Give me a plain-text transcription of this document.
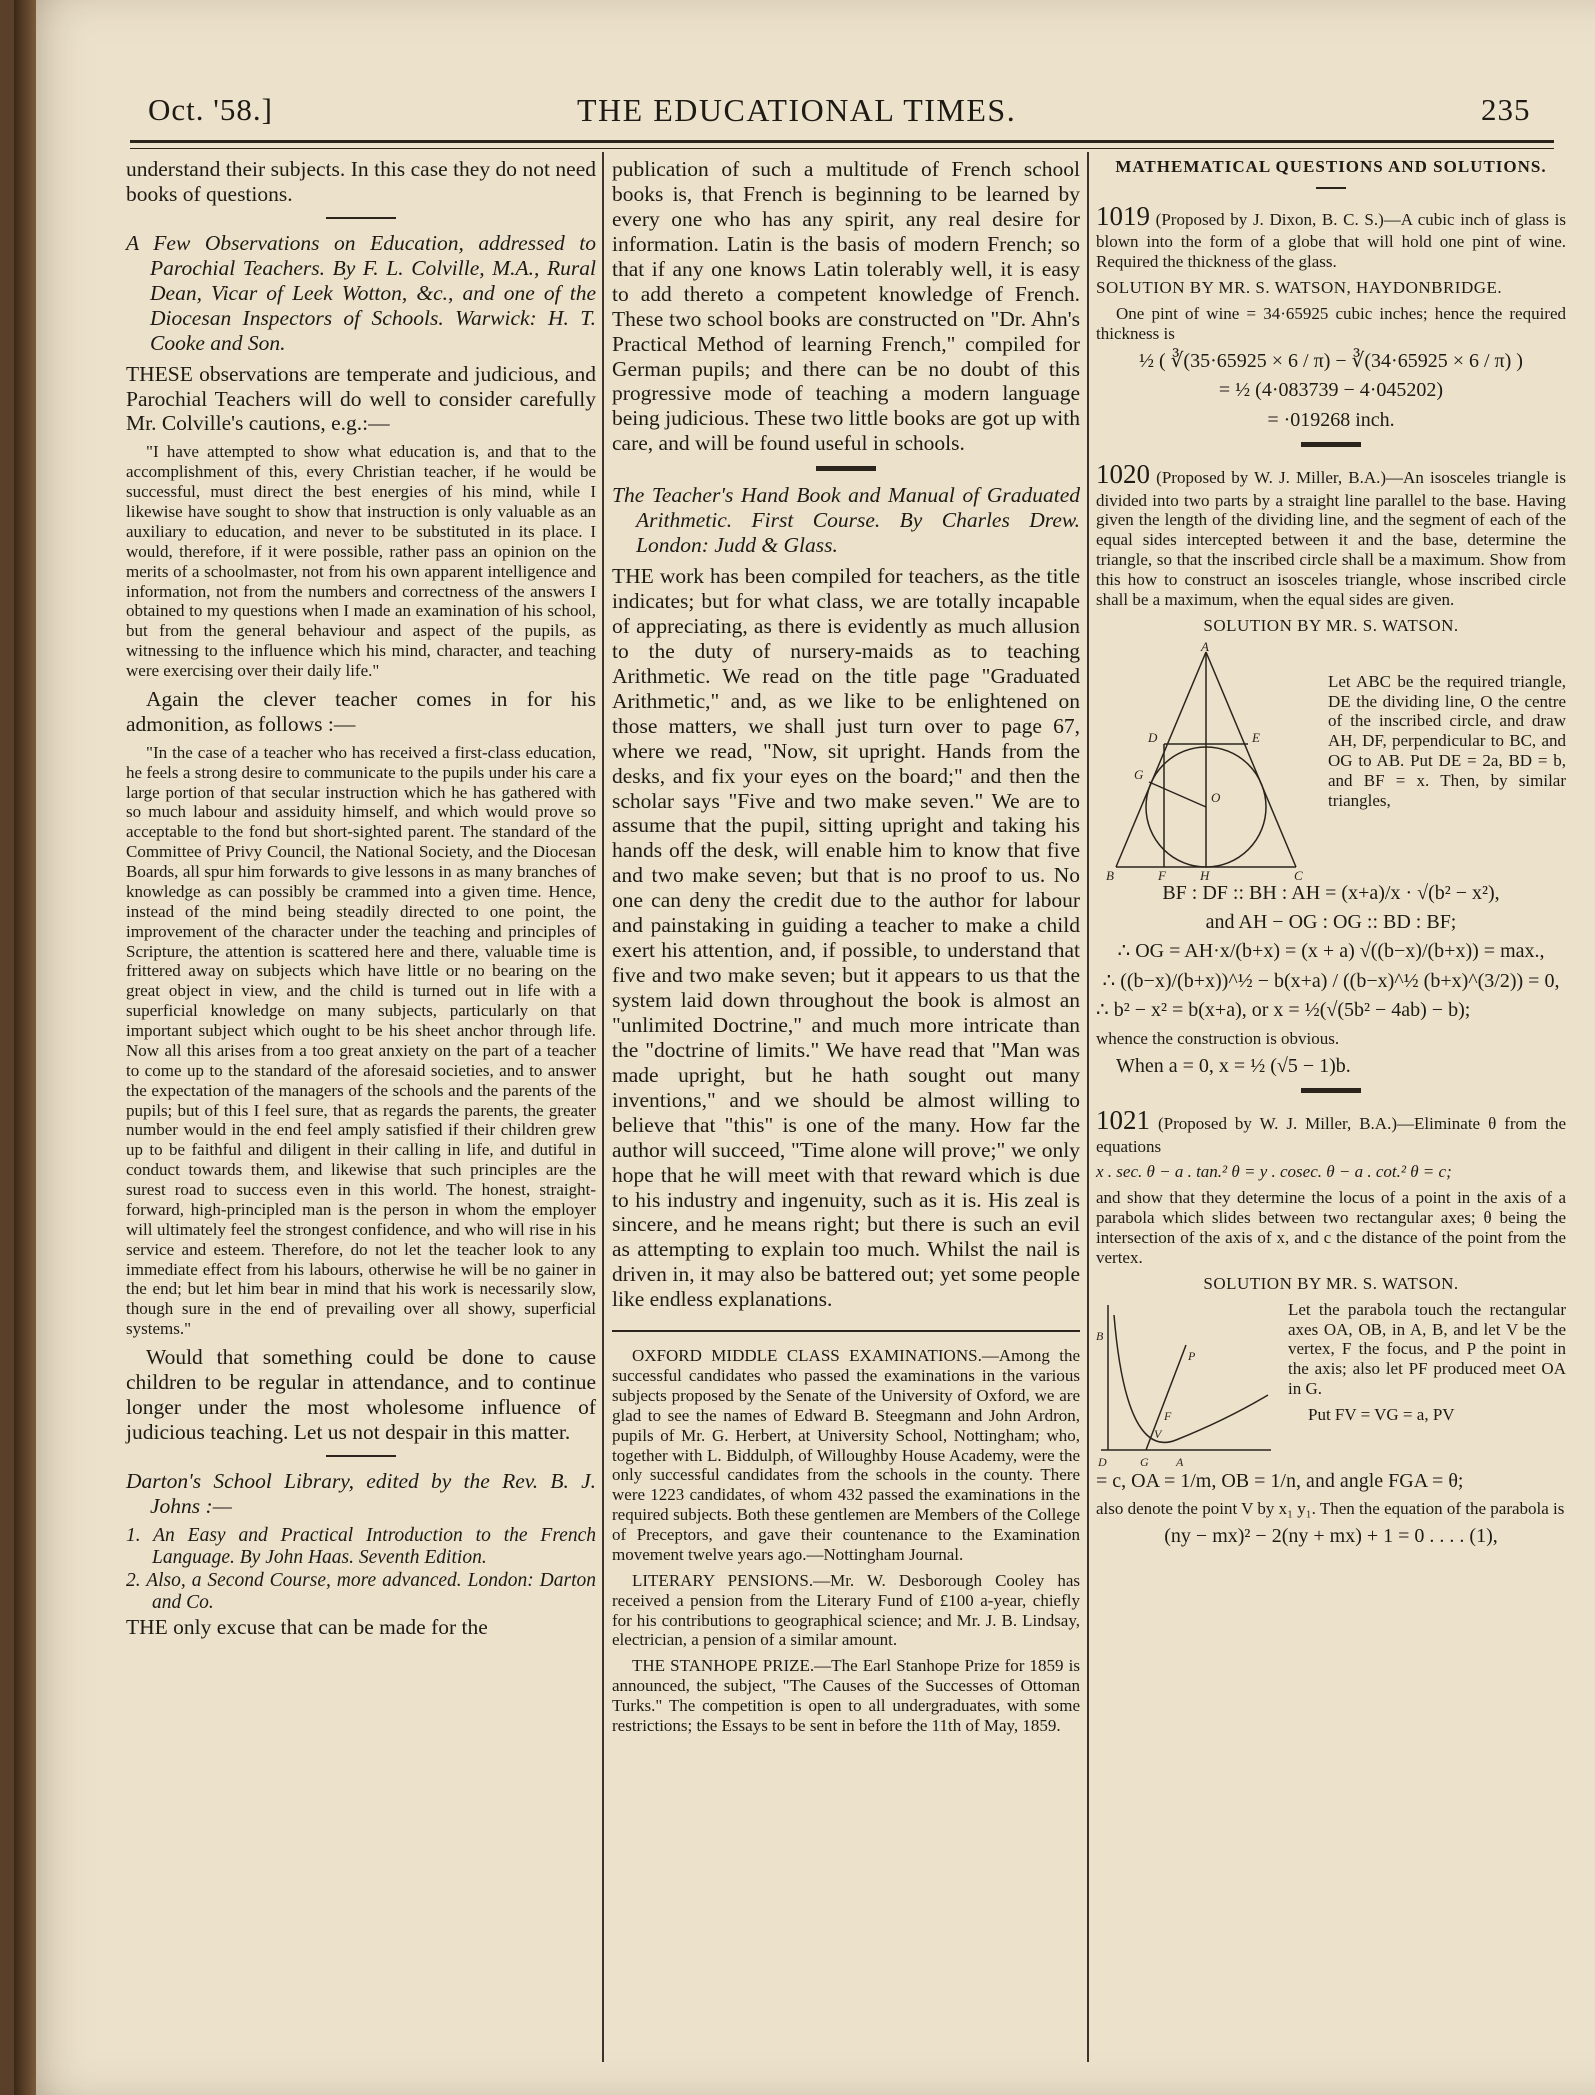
Oct. '58.]	THE EDUCATIONAL TIMES.	235

understand their subjects. In this case they do not need books of questions.

A Few Observations on Education, addressed to Parochial Teachers. By F. L. Colville, M.A., Rural Dean, Vicar of Leek Wotton, &c., and one of the Diocesan Inspectors of Schools. Warwick: H. T. Cooke and Son.

THESE observations are temperate and judicious, and Parochial Teachers will do well to consider carefully Mr. Colville's cautions, e.g.:—

"I have attempted to show what education is, and that to the accomplishment of this, every Christian teacher, if he would be successful, must direct the best energies of his mind, while I likewise have sought to show that instruction is only valuable as an auxiliary to education, and never to be substituted in its place. I would, therefore, if it were possible, rather pass an opinion on the merits of a schoolmaster, not from his own apparent intelligence and information, not from the numbers and correctness of the answers I obtained to my questions when I made an examination of his school, but from the general behaviour and aspect of the pupils, as witnessing to the influence which his mind, character, and teaching were exercising over their daily life."

Again the clever teacher comes in for his admonition, as follows :—

"In the case of a teacher who has received a first-class education, he feels a strong desire to communicate to the pupils under his care a large portion of that secular instruction which he has gathered with so much labour and assiduity himself, and which would prove so acceptable to the fond but short-sighted parent. The standard of the Committee of Privy Council, the National Society, and the Diocesan Boards, all spur him forwards to give lessons in as many branches of knowledge as can possibly be crammed into a given time. Hence, instead of the mind being steadily directed to one point, the improvement of the character under the teaching and principles of Scripture, the attention is scattered here and there, valuable time is frittered away on subjects which have little or no bearing on the great object in view, and the child is turned out in life with a superficial knowledge on many subjects, particularly on that important subject which ought to be his sheet anchor through life. Now all this arises from a too great anxiety on the part of a teacher to come up to the standard of the aforesaid societies, and to answer the expectation of the managers of the schools and the parents of the pupils; but of this I feel sure, that as regards the parents, the greater number would in the end feel amply satisfied if their children grew up to be faithful and diligent in their calling in life, and dutiful in conduct towards them, and likewise that such principles are the surest road to success even in this world. The honest, straight-forward, high-principled man is the person in whom the employer will ultimately feel the strongest confidence, and who will rise in his service and esteem. Therefore, do not let the teacher look to any immediate effect from his labours, otherwise he will be no gainer in the end; but let him bear in mind that his work is necessarily slow, though sure in the end of prevailing over all showy, superficial systems."

Would that something could be done to cause children to be regular in attendance, and to continue longer under the most wholesome influence of judicious teaching. Let us not despair in this matter.

Darton's School Library, edited by the Rev. B. J. Johns :—

1. An Easy and Practical Introduction to the French Language. By John Haas. Seventh Edition.
2. Also, a Second Course, more advanced. London: Darton and Co.

THE only excuse that can be made for the

publication of such a multitude of French school books is, that French is beginning to be learned by every one who has any spirit, any real desire for information. Latin is the basis of modern French; so that if any one knows Latin tolerably well, it is easy to add thereto a competent knowledge of French. These two school books are constructed on "Dr. Ahn's Practical Method of learning French," compiled for German pupils; and there can be no doubt of this progressive mode of teaching a modern language being judicious. These two little books are got up with care, and will be found useful in schools.

The Teacher's Hand Book and Manual of Graduated Arithmetic. First Course. By Charles Drew. London: Judd & Glass.

THE work has been compiled for teachers, as the title indicates; but for what class, we are totally incapable of appreciating, as there is evidently as much allusion to the duty of nursery-maids as to teaching Arithmetic. We read on the title page "Graduated Arithmetic," and, as we like to be enlightened on those matters, we shall just turn over to page 67, where we read, "Now, sit upright. Hands from the desks, and fix your eyes on the board;" and then the scholar says "Five and two make seven." We are to assume that the pupil, sitting upright and taking his hands off the desk, will enable him to know that five and two make seven; but that is no proof to us. No one can deny the credit due to the author for labour and painstaking in guiding a teacher to make a child exert his attention, and, if possible, to understand that five and two make seven; but it appears to us that the system laid down throughout the book is almost an "unlimited Doctrine," and much more intricate than the "doctrine of limits." We have read that "Man was made upright, but he hath sought out many inventions," and we should be almost willing to believe that "this" is one of the many. How far the author will succeed, "Time alone will prove;" we only hope that he will meet with that reward which is due to his industry and ingenuity, such as it is. His zeal is sincere, and he means right; but there is such an evil as attempting to explain too much. Whilst the nail is driven in, it may also be battered out; yet some people like endless explanations.

OXFORD MIDDLE CLASS EXAMINATIONS.—Among the successful candidates who passed the examinations in the various subjects proposed by the Senate of the University of Oxford, we are glad to see the names of Edward B. Steegmann and John Ardron, pupils of Mr. G. Herbert, at University School, Nottingham; who, together with L. Biddulph, of Willoughby House Academy, were the only successful candidates from the schools in the county. There were 1223 candidates, of whom 432 passed the examinations in the required subjects. Both these gentlemen are Members of the College of Preceptors, and gave their countenance to the Examination movement twelve years ago.—Nottingham Journal.

LITERARY PENSIONS.—Mr. W. Desborough Cooley has received a pension from the Literary Fund of £100 a-year, chiefly for his contributions to geographical science; and Mr. J. B. Lindsay, electrician, a pension of a similar amount.

THE STANHOPE PRIZE.—The Earl Stanhope Prize for 1859 is announced, the subject, "The Causes of the Successes of Ottoman Turks." The competition is open to all undergraduates, with some restrictions; the Essays to be sent in before the 11th of May, 1859.

MATHEMATICAL QUESTIONS AND SOLUTIONS.

1019 (Proposed by J. Dixon, B. C. S.)—A cubic inch of glass is blown into the form of a globe that will hold one pint of wine. Required the thickness of the glass.

SOLUTION BY MR. S. WATSON, HAYDONBRIDGE.

One pint of wine = 34·65925 cubic inches; hence the required thickness is

½ ( ∛(35·65925 × 6 / π) − ∛(34·65925 × 6 / π) )

= ½ (4·083739 − 4·045202)

= ·019268 inch.

1020 (Proposed by W. J. Miller, B.A.)—An isosceles triangle is divided into two parts by a straight line parallel to the base. Having given the length of the dividing line, and the segment of each of the equal sides intercepted between it and the base, determine the triangle, so that the inscribed circle shall be a maximum. Show from this how to construct an isosceles triangle, whose inscribed circle shall be a maximum, when the equal sides are given.

SOLUTION BY MR. S. WATSON.

A
D	E
G
O
B	F	H	C

Let ABC be the required triangle, DE the dividing line, O the centre of the inscribed circle, and draw AH, DF, perpendicular to BC, and OG to AB. Put DE = 2a, BD = b, and BF = x. Then, by similar triangles,

BF : DF :: BH : AH = (x+a)/x · √(b² − x²),

and AH − OG : OG :: BD : BF;

∴ OG = AH·x/(b+x) = (x + a) √((b−x)/(b+x)) = max.,

∴ ((b−x)/(b+x))^½ − b(x+a) / ((b−x)^½ (b+x)^(3/2)) = 0,

∴ b² − x² = b(x+a), or x = ½(√(5b² − 4ab) − b);

whence the construction is obvious.

When a = 0, x = ½ (√5 − 1)b.

1021 (Proposed by W. J. Miller, B.A.)—Eliminate θ from the equations

x . sec. θ − a . tan.² θ = y . cosec. θ − a . cot.² θ = c;

and show that they determine the locus of a point in the axis of a parabola which slides between two rectangular axes; θ being the intersection of the axis of x, and c the distance of the point from the vertex.

SOLUTION BY MR. S. WATSON.

B
P
F
V
D	G A

Let the parabola touch the rectangular axes OA, OB, in A, B, and let V be the vertex, F the focus, and P the point in the axis; also let PF produced meet OA in G.

Put FV = VG = a, PV

= c, OA = 1/m, OB = 1/n, and angle FGA = θ;

also denote the point V by x₁ y₁. Then the equation of the parabola is

(ny − mx)² − 2(ny + mx) + 1 = 0 . . . . (1),
